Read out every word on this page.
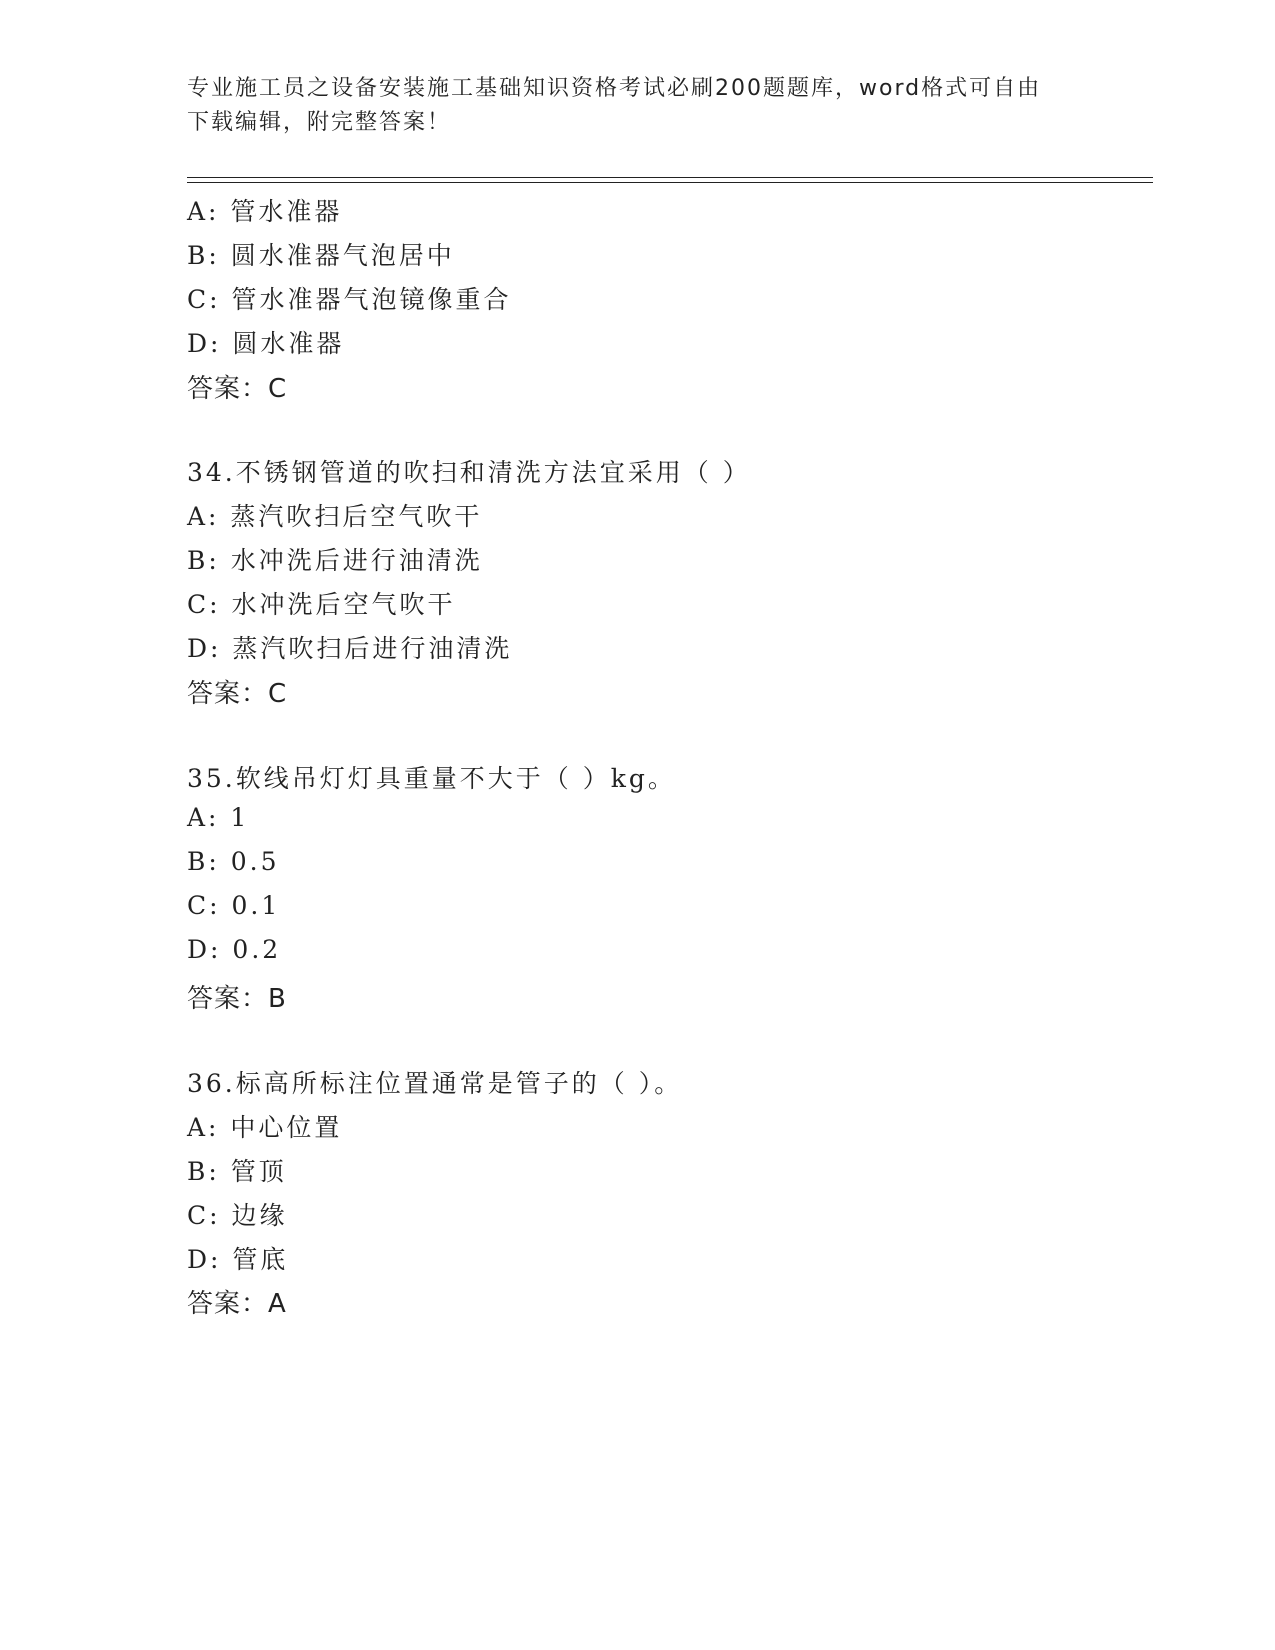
专业施工员之设备安装施工基础知识资格考试必刷200题题库，word格式可自由
下载编辑，附完整答案！
A: 管水准器
B: 圆水准器气泡居中
C: 管水准器气泡镜像重合
D: 圆水准器
答案：C
34.不锈钢管道的吹扫和清洗方法宜采用（ ）
A: 蒸汽吹扫后空气吹干
B: 水冲洗后进行油清洗
C: 水冲洗后空气吹干
D: 蒸汽吹扫后进行油清洗
答案：C
35.软线吊灯灯具重量不大于（ ）kg。
A: 1
B: 0.5
C: 0.1
D: 0.2
答案：B
36.标高所标注位置通常是管子的（ ）。
A: 中心位置
B: 管顶
C: 边缘
D: 管底
答案：A
